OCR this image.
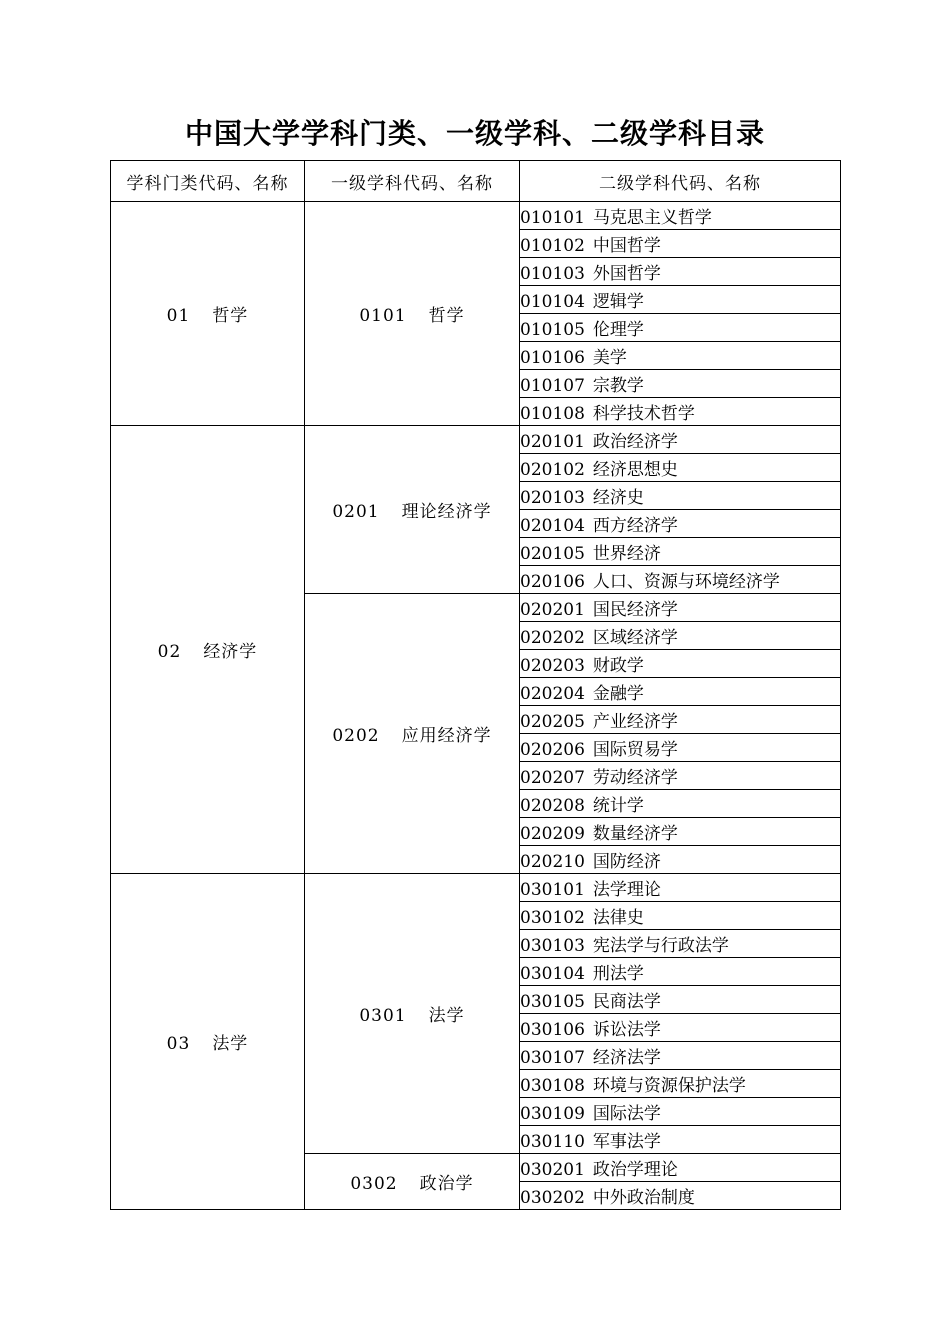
中国大学学科门类、一级学科、二级学科目录
学科门类代码、名称	一级学科代码、名称	二级学科代码、名称
01 哲学	0101 哲学	010101 马克思主义哲学
		010102 中国哲学
		010103 外国哲学
		010104 逻辑学
		010105 伦理学
		010106 美学
		010107 宗教学
		010108 科学技术哲学
02 经济学	0201 理论经济学	020101 政治经济学
		020102 经济思想史
		020103 经济史
		020104 西方经济学
		020105 世界经济
		020106 人口、资源与环境经济学
	0202 应用经济学	020201 国民经济学
		020202 区域经济学
		020203 财政学
		020204 金融学
		020205 产业经济学
		020206 国际贸易学
		020207 劳动经济学
		020208 统计学
		020209 数量经济学
		020210 国防经济
03 法学	0301 法学	030101 法学理论
		030102 法律史
		030103 宪法学与行政法学
		030104 刑法学
		030105 民商法学
		030106 诉讼法学
		030107 经济法学
		030108 环境与资源保护法学
		030109 国际法学
		030110 军事法学
	0302 政治学	030201 政治学理论
		030202 中外政治制度
